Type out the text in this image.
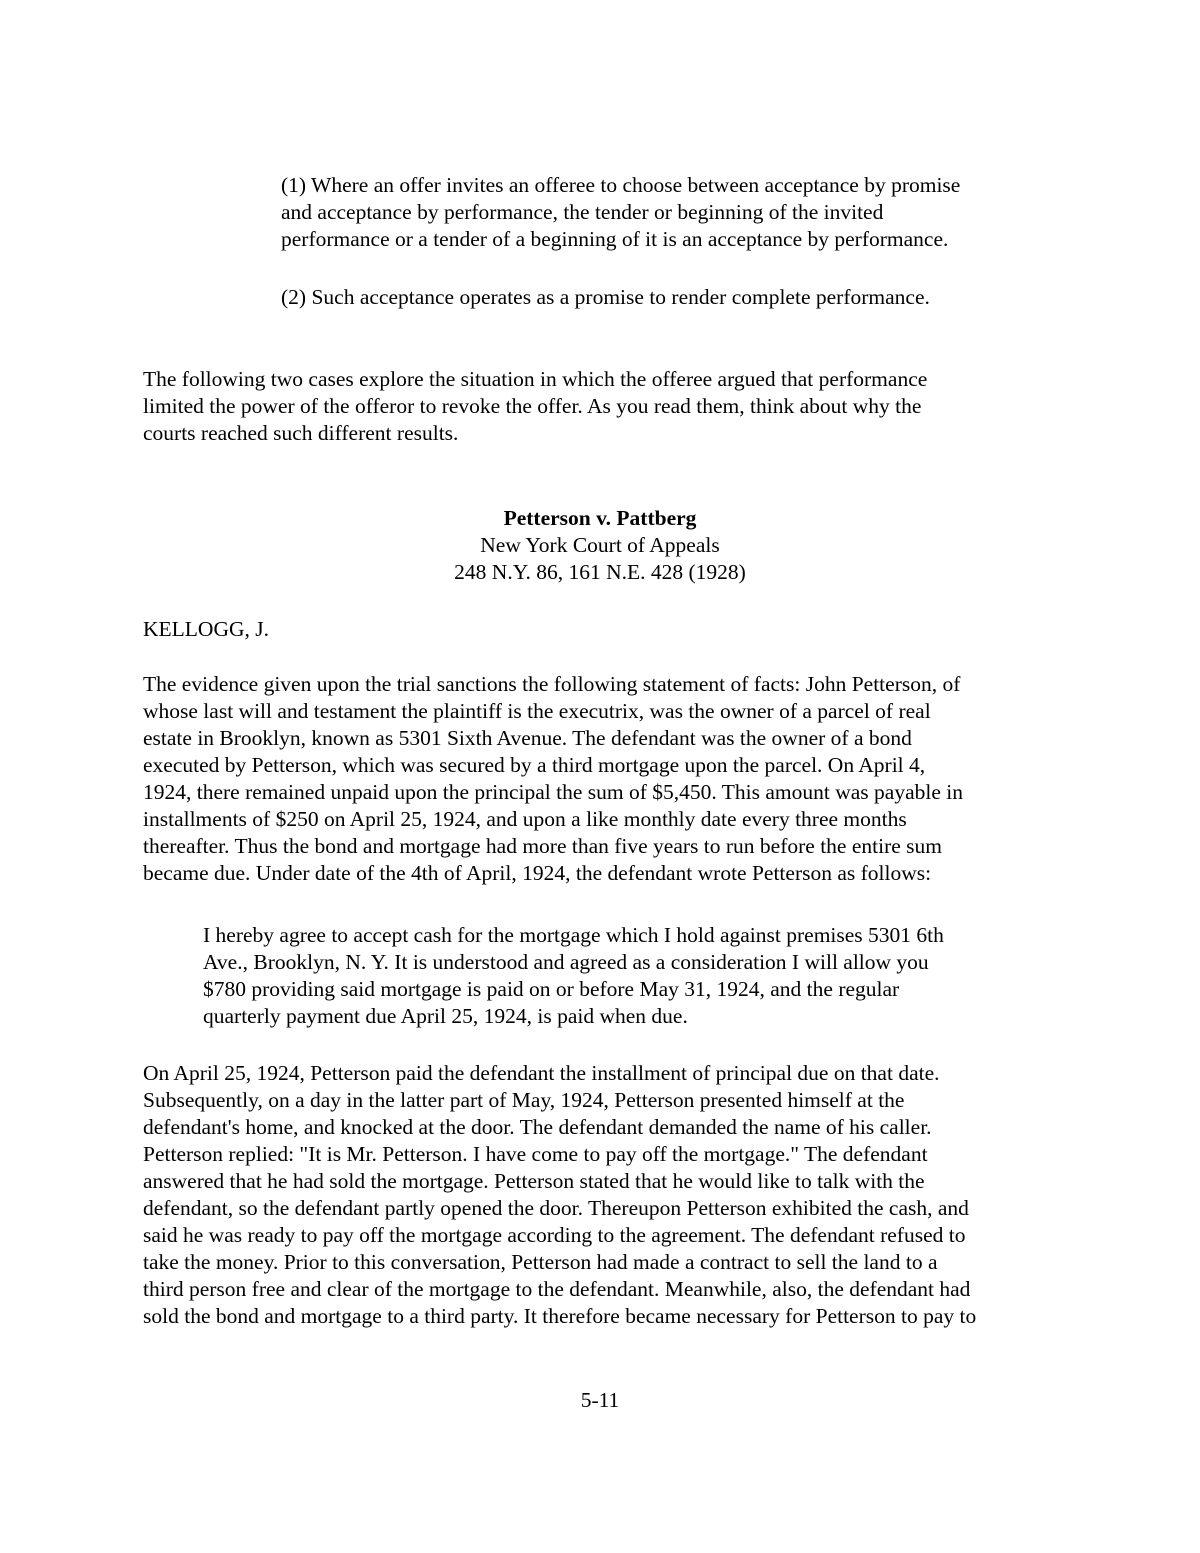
(1) Where an offer invites an offeree to choose between acceptance by promise
and acceptance by performance, the tender or beginning of the invited
performance or a tender of a beginning of it is an acceptance by performance.
(2) Such acceptance operates as a promise to render complete performance.
The following two cases explore the situation in which the offeree argued that performance
limited the power of the offeror to revoke the offer. As you read them, think about why the
courts reached such different results.
Petterson v. Pattberg
New York Court of Appeals
248 N.Y. 86, 161 N.E. 428 (1928)
KELLOGG, J.
The evidence given upon the trial sanctions the following statement of facts: John Petterson, of
whose last will and testament the plaintiff is the executrix, was the owner of a parcel of real
estate in Brooklyn, known as 5301 Sixth Avenue. The defendant was the owner of a bond
executed by Petterson, which was secured by a third mortgage upon the parcel. On April 4,
1924, there remained unpaid upon the principal the sum of $5,450. This amount was payable in
installments of $250 on April 25, 1924, and upon a like monthly date every three months
thereafter. Thus the bond and mortgage had more than five years to run before the entire sum
became due. Under date of the 4th of April, 1924, the defendant wrote Petterson as follows:
I hereby agree to accept cash for the mortgage which I hold against premises 5301 6th
Ave., Brooklyn, N. Y. It is understood and agreed as a consideration I will allow you
$780 providing said mortgage is paid on or before May 31, 1924, and the regular
quarterly payment due April 25, 1924, is paid when due.
On April 25, 1924, Petterson paid the defendant the installment of principal due on that date.
Subsequently, on a day in the latter part of May, 1924, Petterson presented himself at the
defendant's home, and knocked at the door. The defendant demanded the name of his caller.
Petterson replied: "It is Mr. Petterson. I have come to pay off the mortgage." The defendant
answered that he had sold the mortgage. Petterson stated that he would like to talk with the
defendant, so the defendant partly opened the door. Thereupon Petterson exhibited the cash, and
said he was ready to pay off the mortgage according to the agreement. The defendant refused to
take the money. Prior to this conversation, Petterson had made a contract to sell the land to a
third person free and clear of the mortgage to the defendant. Meanwhile, also, the defendant had
sold the bond and mortgage to a third party. It therefore became necessary for Petterson to pay to
5-11
